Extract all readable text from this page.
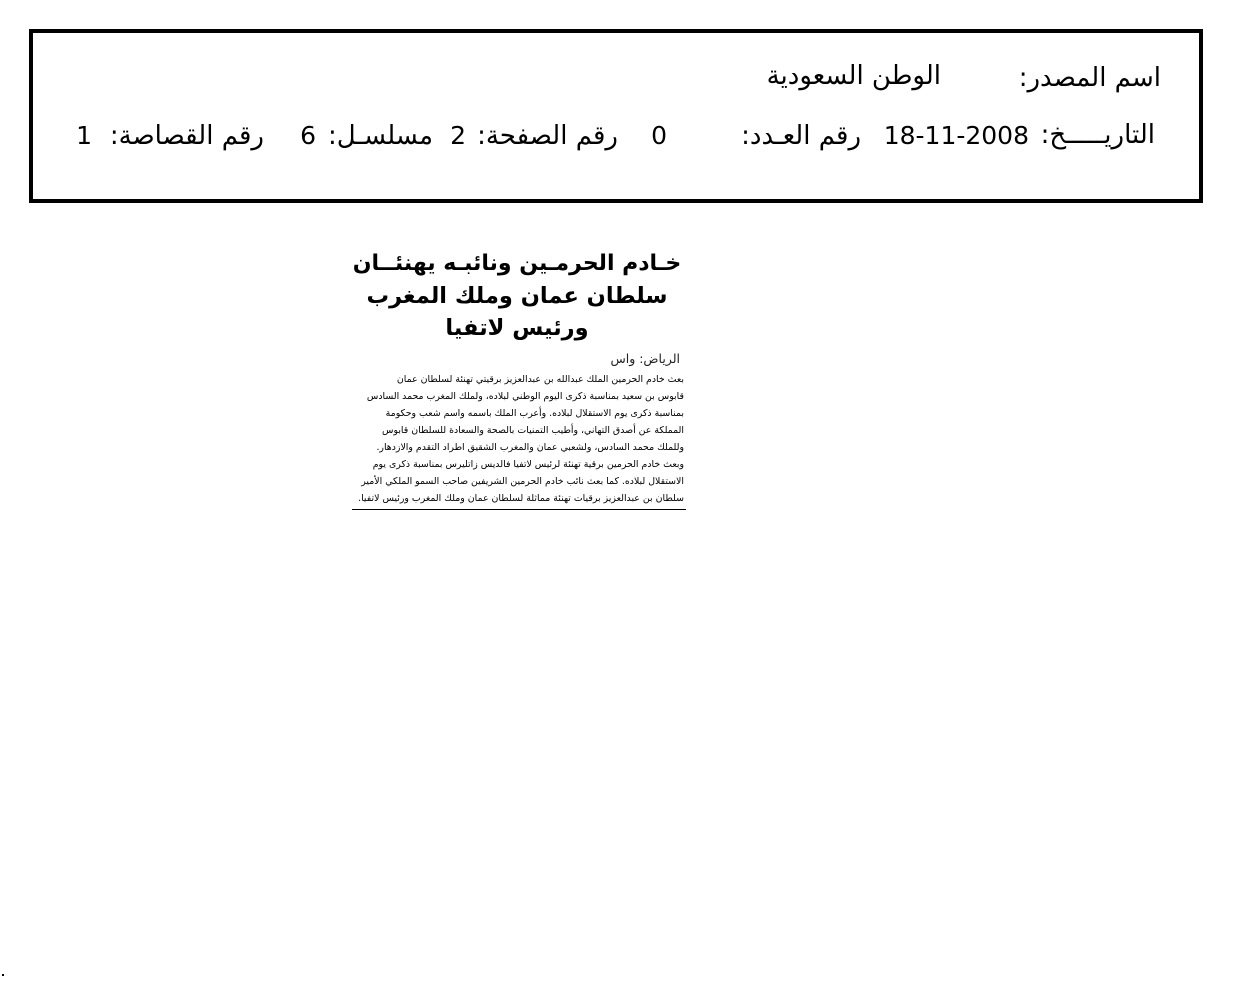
اسم المصدر:
الوطن السعودية
التاريـــــخ:
18-11-2008
رقم العـدد:
0
رقم الصفحة:
2
مسلسـل:
6
رقم القصاصة:
1
خـادم الحرمـين ونائبـه يهنئــان
سلطان عمان وملك المغرب ورئيس لاتفيا
الرياض: واس
بعث خادم الحرمين الملك عبدالله بن عبدالعزيز برقيتي تهنئة لسلطان عمان
قابوس بن سعيد بمناسبة ذكرى اليوم الوطني لبلاده، ولملك المغرب محمد السادس
بمناسبة ذكرى يوم الاستقلال لبلاده. وأعرب الملك باسمه واسم شعب وحكومة
المملكة عن أصدق التهاني، وأطيب التمنيات بالصحة والسعادة للسلطان قابوس
وللملك محمد السادس، ولشعبي عمان والمغرب الشقيق اطراد التقدم والازدهار.
وبعث خادم الحرمين برقية تهنئة لرئيس لاتفيا فالديس زاتليرس بمناسبة ذكرى يوم
الاستقلال لبلاده. كما بعث نائب خادم الحرمين الشريفين صاحب السمو الملكي الأمير
سلطان بن عبدالعزيز برقيات تهنئة مماثلة لسلطان عمان وملك المغرب ورئيس لاتفيا.
